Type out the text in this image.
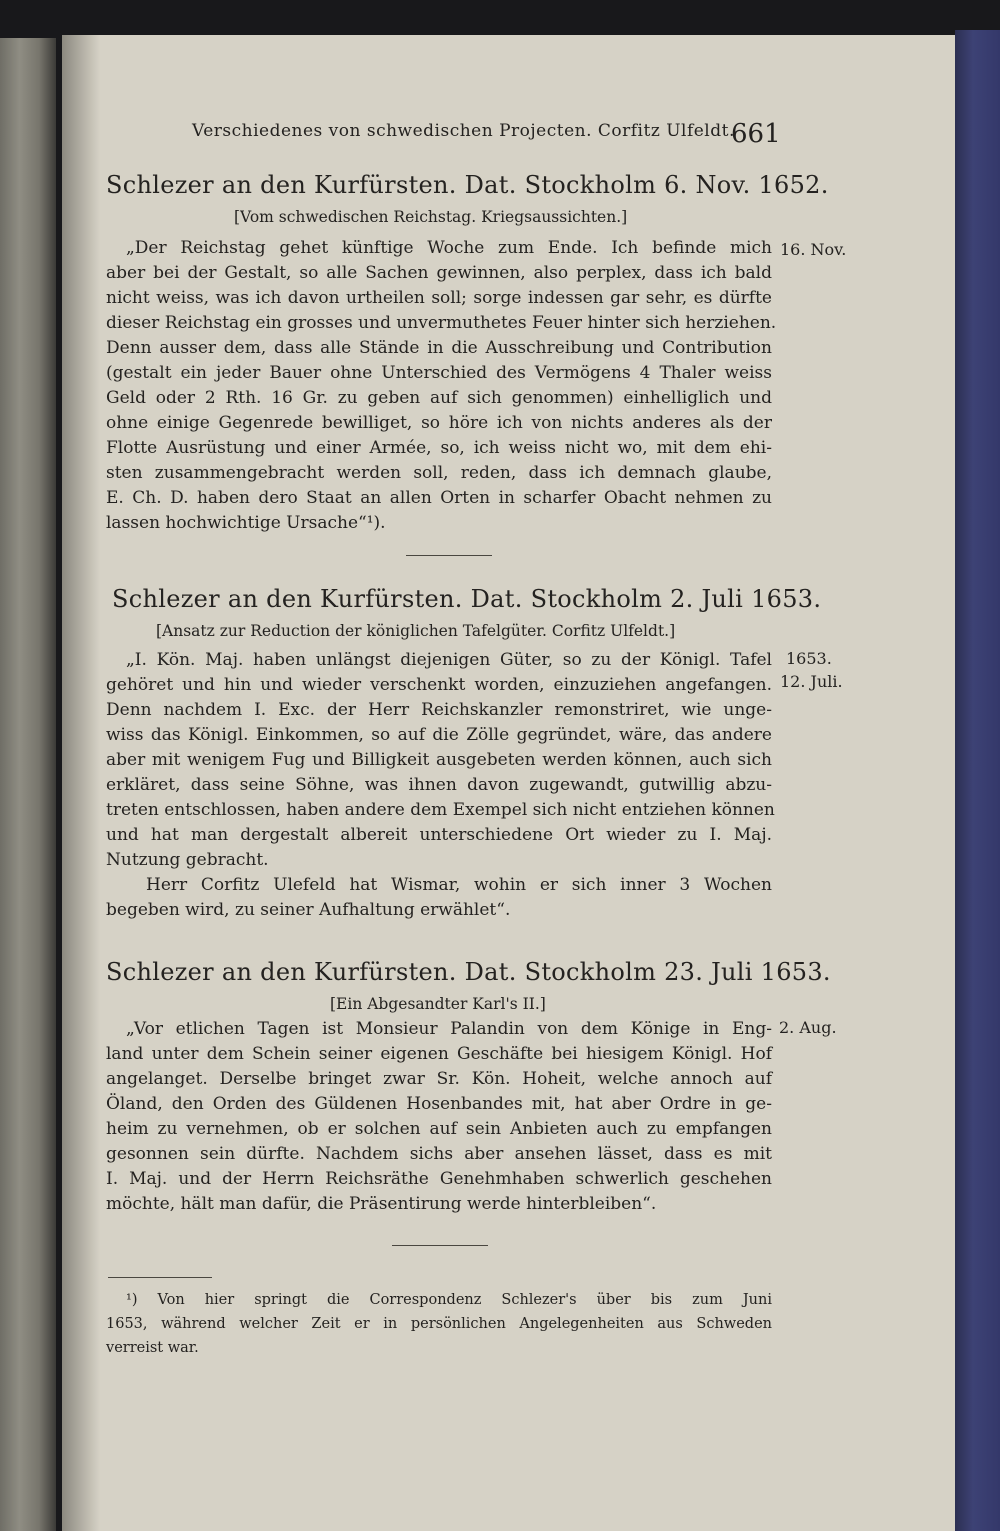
Verschiedenes von schwedischen Projecten. Corfitz Ulfeldt.
661
Schlezer an den Kurfürsten. Dat. Stockholm 6. Nov. 1652.
[Vom schwedischen Reichstag. Kriegsaussichten.]
16. Nov.
„Der Reichstag gehet künftige Woche zum Ende. Ich befinde mich
aber bei der Gestalt, so alle Sachen gewinnen, also perplex, dass ich bald
nicht weiss, was ich davon urtheilen soll; sorge indessen gar sehr, es dürfte
dieser Reichstag ein grosses und unvermuthetes Feuer hinter sich herziehen.
Denn ausser dem, dass alle Stände in die Ausschreibung und Contribution
(gestalt ein jeder Bauer ohne Unterschied des Vermögens 4 Thaler weiss
Geld oder 2 Rth. 16 Gr. zu geben auf sich genommen) einhelliglich und
ohne einige Gegenrede bewilliget, so höre ich von nichts anderes als der
Flotte Ausrüstung und einer Armée, so, ich weiss nicht wo, mit dem ehi-
sten zusammengebracht werden soll, reden, dass ich demnach glaube,
E. Ch. D. haben dero Staat an allen Orten in scharfer Obacht nehmen zu
lassen hochwichtige Ursache“¹).
Schlezer an den Kurfürsten. Dat. Stockholm 2. Juli 1653.
[Ansatz zur Reduction der königlichen Tafelgüter. Corfitz Ulfeldt.]
1653.
12. Juli.
„I. Kön. Maj. haben unlängst diejenigen Güter, so zu der Königl. Tafel
gehöret und hin und wieder verschenkt worden, einzuziehen angefangen.
Denn nachdem I. Exc. der Herr Reichskanzler remonstriret, wie unge-
wiss das Königl. Einkommen, so auf die Zölle gegründet, wäre, das andere
aber mit wenigem Fug und Billigkeit ausgebeten werden können, auch sich
erkläret, dass seine Söhne, was ihnen davon zugewandt, gutwillig abzu-
treten entschlossen, haben andere dem Exempel sich nicht entziehen können
und hat man dergestalt albereit unterschiedene Ort wieder zu I. Maj.
Nutzung gebracht.
Herr Corfitz Ulefeld hat Wismar, wohin er sich inner 3 Wochen
begeben wird, zu seiner Aufhaltung erwählet“.
Schlezer an den Kurfürsten. Dat. Stockholm 23. Juli 1653.
[Ein Abgesandter Karl's II.]
2. Aug.
„Vor etlichen Tagen ist Monsieur Palandin von dem Könige in Eng-
land unter dem Schein seiner eigenen Geschäfte bei hiesigem Königl. Hof
angelanget. Derselbe bringet zwar Sr. Kön. Hoheit, welche annoch auf
Öland, den Orden des Güldenen Hosenbandes mit, hat aber Ordre in ge-
heim zu vernehmen, ob er solchen auf sein Anbieten auch zu empfangen
gesonnen sein dürfte. Nachdem sichs aber ansehen lässet, dass es mit
I. Maj. und der Herrn Reichsräthe Genehmhaben schwerlich geschehen
möchte, hält man dafür, die Präsentirung werde hinterbleiben“.
¹) Von hier springt die Correspondenz Schlezer's über bis zum Juni
1653, während welcher Zeit er in persönlichen Angelegenheiten aus Schweden
verreist war.
